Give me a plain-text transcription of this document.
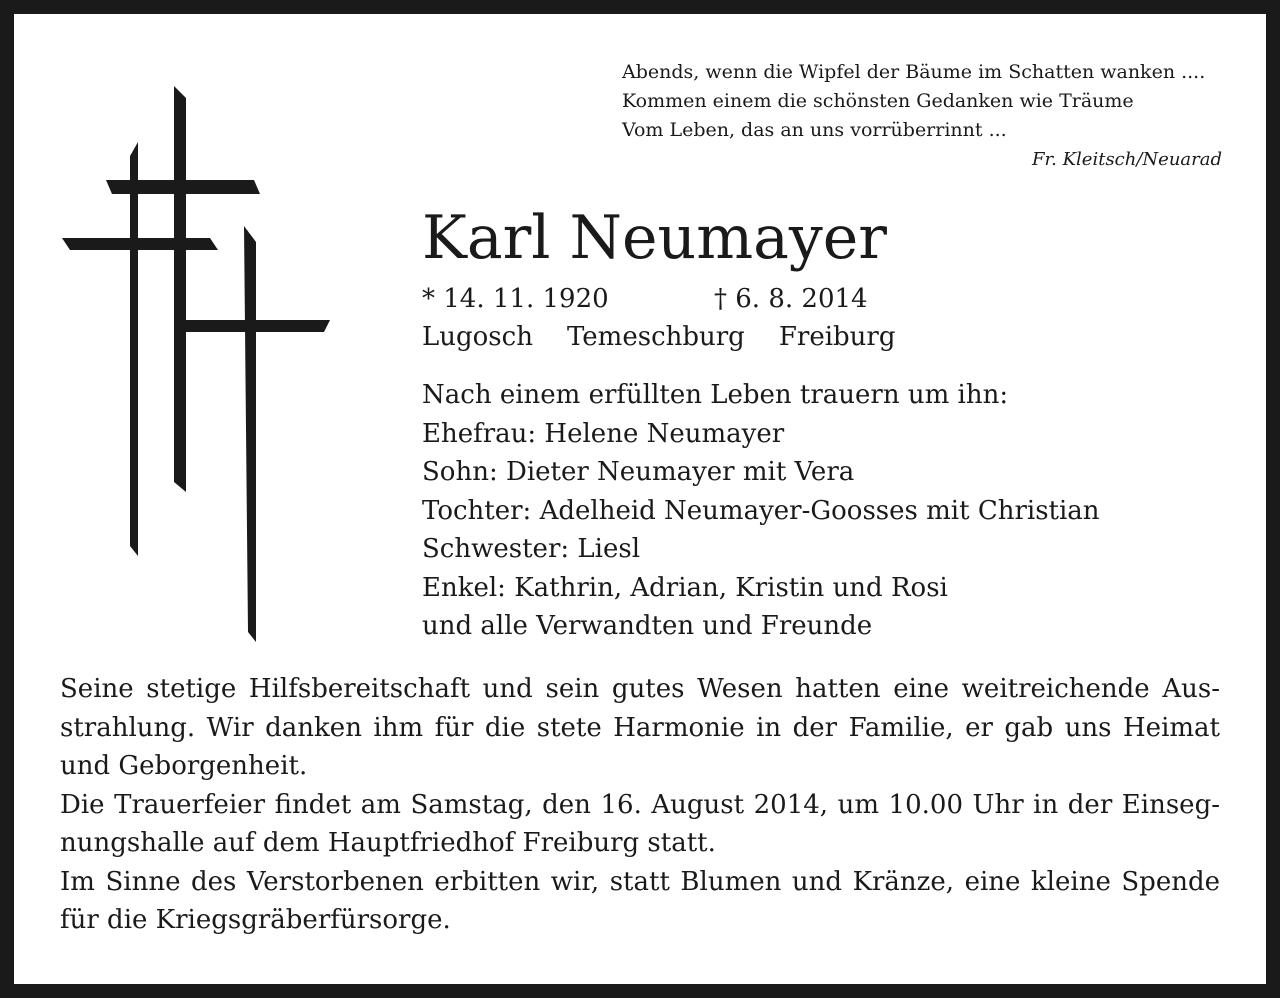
Abends, wenn die Wipfel der Bäume im Schatten wanken ....
Kommen einem die schönsten Gedanken wie Träume
Vom Leben, das an uns vorrüberrinnt ...
Fr. Kleitsch/Neuarad
Karl Neumayer
* 14. 11. 1920	† 6. 8. 2014
Lugosch Temeschburg Freiburg
Nach einem erfüllten Leben trauern um ihn:
Ehefrau: Helene Neumayer
Sohn: Dieter Neumayer mit Vera
Tochter: Adelheid Neumayer-Goosses mit Christian
Schwester: Liesl
Enkel: Kathrin, Adrian, Kristin und Rosi
und alle Verwandten und Freunde
Seine stetige Hilfsbereitschaft und sein gutes Wesen hatten eine weitreichende Aus-
strahlung. Wir danken ihm für die stete Harmonie in der Familie, er gab uns Heimat
und Geborgenheit.
Die Trauerfeier findet am Samstag, den 16. August 2014, um 10.00 Uhr in der Einseg-
nungshalle auf dem Hauptfriedhof Freiburg statt.
Im Sinne des Verstorbenen erbitten wir, statt Blumen und Kränze, eine kleine Spende
für die Kriegsgräberfürsorge.
